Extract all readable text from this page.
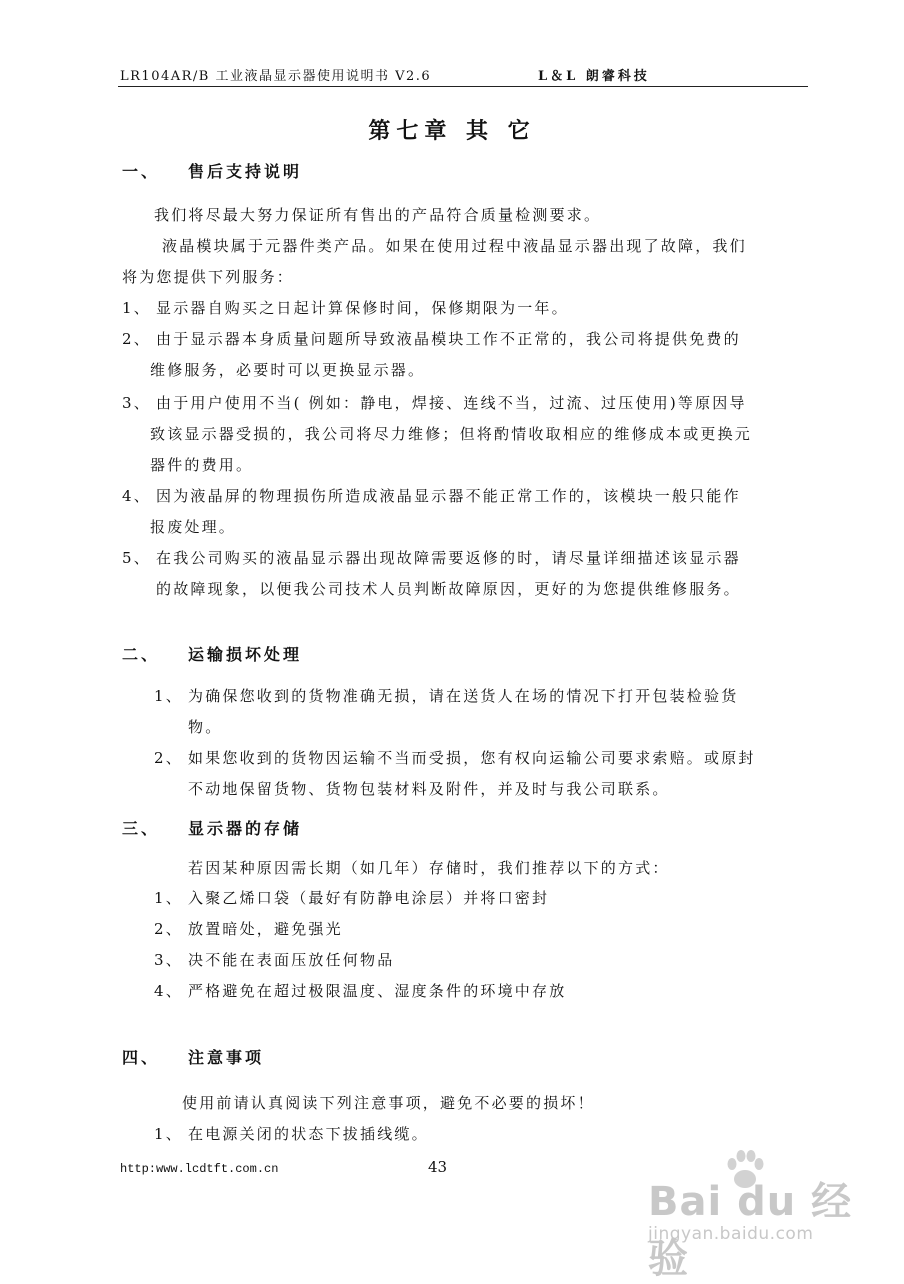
LR104AR/B 工业液晶显示器使用说明书 V2.6	L＆L 朗睿科技
第七章 其 它
一、 售后支持说明
我们将尽最大努力保证所有售出的产品符合质量检测要求。
液晶模块属于元器件类产品。如果在使用过程中液晶显示器出现了故障，我们
将为您提供下列服务：
1、 显示器自购买之日起计算保修时间，保修期限为一年。
2、 由于显示器本身质量问题所导致液晶模块工作不正常的，我公司将提供免费的
维修服务，必要时可以更换显示器。
3、 由于用户使用不当( 例如：静电，焊接、连线不当，过流、过压使用)等原因导
致该显示器受损的，我公司将尽力维修；但将酌情收取相应的维修成本或更换元
器件的费用。
4、 因为液晶屏的物理损伤所造成液晶显示器不能正常工作的，该模块一般只能作
报废处理。
5、 在我公司购买的液晶显示器出现故障需要返修的时，请尽量详细描述该显示器
的故障现象，以便我公司技术人员判断故障原因，更好的为您提供维修服务。
二、 运输损坏处理
1、 为确保您收到的货物准确无损，请在送货人在场的情况下打开包装检验货
物。
2、 如果您收到的货物因运输不当而受损，您有权向运输公司要求索赔。或原封
不动地保留货物、货物包装材料及附件，并及时与我公司联系。
三、 显示器的存储
若因某种原因需长期（如几年）存储时，我们推荐以下的方式：
1、 入聚乙烯口袋（最好有防静电涂层）并将口密封
2、 放置暗处，避免强光
3、 决不能在表面压放任何物品
4、 严格避免在超过极限温度、湿度条件的环境中存放
四、 注意事项
使用前请认真阅读下列注意事项，避免不必要的损坏！
1、 在电源关闭的状态下拔插线缆。
http:www.lcdtft.com.cn	43
Bai du 经验
jingyan.baidu.com
